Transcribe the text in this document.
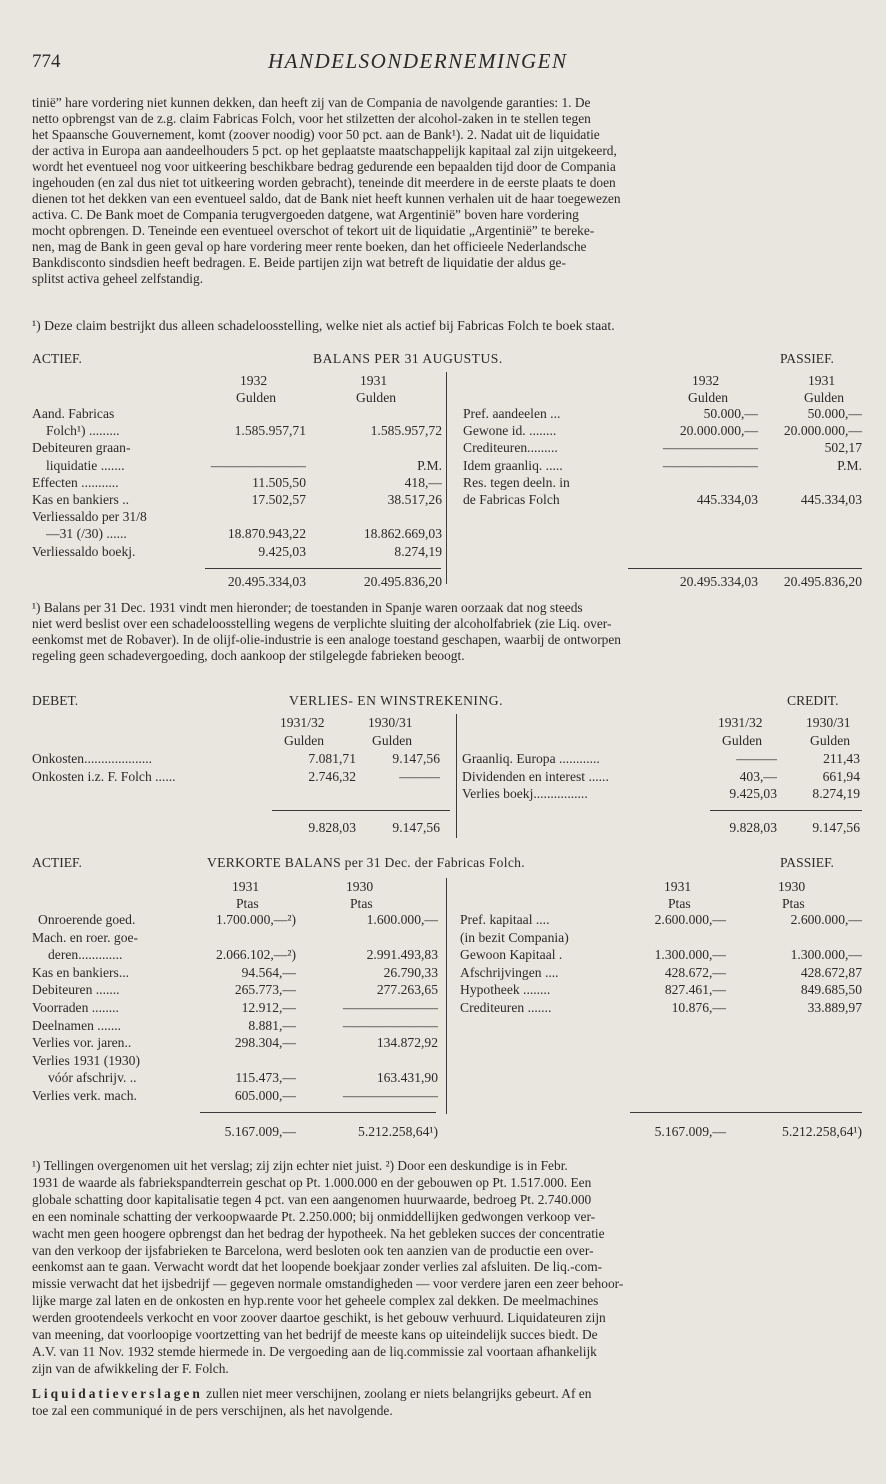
774	HANDELSONDERNEMINGEN
tinië” hare vordering niet kunnen dekken, dan heeft zij van de Compania de navolgende garanties: 1. De
netto opbrengst van de z.g. claim Fabricas Folch, voor het stilzetten der alcohol-zaken in te stellen tegen
het Spaansche Gouvernement, komt (zoover noodig) voor 50 pct. aan de Bank¹). 2. Nadat uit de liquidatie
der activa in Europa aan aandeelhouders 5 pct. op het geplaatste maatschappelijk kapitaal zal zijn uitgekeerd,
wordt het eventueel nog voor uitkeering beschikbare bedrag gedurende een bepaalden tijd door de Compania
ingehouden (en zal dus niet tot uitkeering worden gebracht), teneinde dit meerdere in de eerste plaats te doen
dienen tot het dekken van een eventueel saldo, dat de Bank niet heeft kunnen verhalen uit de haar toegewezen
activa. C. De Bank moet de Compania terugvergoeden datgene, wat Argentinië” boven hare vordering
mocht opbrengen. D. Teneinde een eventueel overschot of tekort uit de liquidatie „Argentinië” te bereke-
nen, mag de Bank in geen geval op hare vordering meer rente boeken, dan het officieele Nederlandsche
Bankdisconto sindsdien heeft bedragen. E. Beide partijen zijn wat betreft de liquidatie der aldus ge-
splitst activa geheel zelfstandig.
¹) Deze claim bestrijkt dus alleen schadeloosstelling, welke niet als actief bij Fabricas Folch te boek staat.
ACTIEF.	BALANS PER 31 AUGUSTUS.	PASSIEF.
1932	1931
Gulden	Gulden
1932	1931
Gulden	Gulden
Aand. Fabricas
Folch¹) .........	1.585.957,71	1.585.957,72
Debiteuren graan-
liquidatie .......	———————	P.M.
Effecten ...........	11.505,50	418,—
Kas en bankiers ..	17.502,57	38.517,26
Verliessaldo per 31/8
—31 (/30) ......	18.870.943,22	18.862.669,03
Verliessaldo boekj.	9.425,03	8.274,19
Pref. aandeelen ...	50.000,—	50.000,—
Gewone id. ........	20.000.000,— 20.000.000,—
Crediteuren.........	———————	502,17
Idem graanliq. .....	———————	P.M.
Res. tegen deeln. in
de Fabricas Folch	445.334,03	445.334,03
20.495.334,03	20.495.836,20	20.495.334,03 20.495.836,20
¹) Balans per 31 Dec. 1931 vindt men hieronder; de toestanden in Spanje waren oorzaak dat nog steeds
niet werd beslist over een schadeloosstelling wegens de verplichte sluiting der alcoholfabriek (zie Liq. over-
eenkomst met de Robaver). In de olijf-olie-industrie is een analoge toestand geschapen, waarbij de ontworpen
regeling geen schadevergoeding, doch aankoop der stilgelegde fabrieken beoogt.
DEBET.	VERLIES- EN WINSTREKENING.	CREDIT.
1931/32	1930/31
Gulden	Gulden
1931/32	1930/31
Gulden	Gulden
Onkosten....................	7.081,71	9.147,56
Onkosten i.z. F. Folch ......	2.746,32	———
Graanliq. Europa ............	———	211,43
Dividenden en interest ......	403,—	661,94
Verlies boekj................	9.425,03	8.274,19
9.828,03	9.147,56	9.828,03	9.147,56
ACTIEF.	VERKORTE BALANS per 31 Dec. der Fabricas Folch.	PASSIEF.
1931	1930
Ptas	Ptas
1931	1930
Ptas	Ptas
Onroerende goed.	1.700.000,—²)	1.600.000,—
Mach. en roer. goe-
deren.............	2.066.102,—²)	2.991.493,83
Kas en bankiers...	94.564,—	26.790,33
Debiteuren .......	265.773,—	277.263,65
Voorraden ........	12.912,—	———————
Deelnamen .......	8.881,—	———————
Verlies vor. jaren..	298.304,—	134.872,92
Verlies 1931 (1930)
vóór afschrijv. ..	115.473,—	163.431,90
Verlies verk. mach.	605.000,—	———————
Pref. kapitaal ....	2.600.000,—	2.600.000,—
(in bezit Compania)
Gewoon Kapitaal .	1.300.000,—	1.300.000,—
Afschrijvingen ....	428.672,—	428.672,87
Hypotheek ........	827.461,—	849.685,50
Crediteuren .......	10.876,—	33.889,97
5.167.009,—	5.212.258,64¹)	5.167.009,—	5.212.258,64¹)
¹) Tellingen overgenomen uit het verslag; zij zijn echter niet juist. ²) Door een deskundige is in Febr.
1931 de waarde als fabriekspandterrein geschat op Pt. 1.000.000 en der gebouwen op Pt. 1.517.000. Een
globale schatting door kapitalisatie tegen 4 pct. van een aangenomen huurwaarde, bedroeg Pt. 2.740.000
en een nominale schatting der verkoopwaarde Pt. 2.250.000; bij onmiddellijken gedwongen verkoop ver-
wacht men geen hoogere opbrengst dan het bedrag der hypotheek. Na het gebleken succes der concentratie
van den verkoop der ijsfabrieken te Barcelona, werd besloten ook ten aanzien van de productie een over-
eenkomst aan te gaan. Verwacht wordt dat het loopende boekjaar zonder verlies zal afsluiten. De liq.-com-
missie verwacht dat het ijsbedrijf — gegeven normale omstandigheden — voor verdere jaren een zeer behoor-
lijke marge zal laten en de onkosten en hyp.rente voor het geheele complex zal dekken. De meelmachines
werden grootendeels verkocht en voor zoover daartoe geschikt, is het gebouw verhuurd. Liquidateuren zijn
van meening, dat voorloopige voortzetting van het bedrijf de meeste kans op uiteindelijk succes biedt. De
A.V. van 11 Nov. 1932 stemde hiermede in. De vergoeding aan de liq.commissie zal voortaan afhankelijk
zijn van de afwikkeling der F. Folch.
Liquidatieverslagen zullen niet meer verschijnen, zoolang er niets belangrijks gebeurt. Af en
toe zal een communiqué in de pers verschijnen, als het navolgende.
